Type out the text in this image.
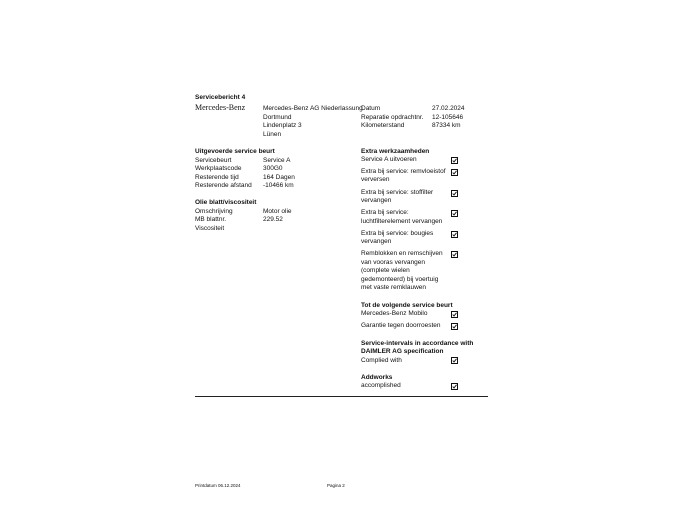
Servicebericht 4
Mercedes-Benz	Mercedes-Benz AG Niederlassung
Dortmund
Lindenplatz 3
Lünen
Datum	27.02.2024
Reparatie opdrachtnr. 12-105646
Kilometerstand	87334 km
Uitgevoerde service beurt
Servicebeurt	Service A
Werkplaatscode	300G0
Resterende tijd	164 Dagen
Resterende afstand -10466 km
Olie blatt/viscositeit
Omschrijving	Motor olie
MB blattnr.	229.52
Viscositeit
Extra werkzaamheden
Service A uitvoeren
Extra bij service: remvloeistof
verversen
Extra bij service: stoffilter
vervangen
Extra bij service:
luchtfilterelement vervangen
Extra bij service: bougies
vervangen
Remblokken en remschijven
van vooras vervangen
(complete wielen
gedemonteerd) bij voertuig
met vaste remklauwen
Tot de volgende service beurt
Mercedes-Benz Mobilo
Garantie tegen doorroesten
Service-intervals in accordance with
DAIMLER AG specification
Complied with
Addworks
accomplished
Printdatum 06.12.2024	Pagina 2
